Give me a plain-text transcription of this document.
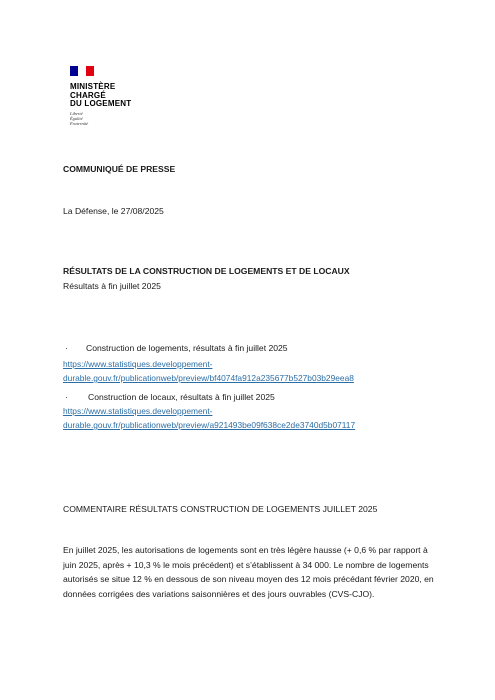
MINISTÈRE
CHARGÉ
DU LOGEMENT
Liberté
Égalité
Fraternité
COMMUNIQUÉ DE PRESSE
La Défense, le 27/08/2025
RÉSULTATS DE LA CONSTRUCTION DE LOGEMENTS ET DE LOCAUX
Résultats à fin juillet 2025
· Construction de logements, résultats à fin juillet 2025
https://www.statistiques.developpement-
durable.gouv.fr/publicationweb/preview/bf4074fa912a235677b527b03b29eea8
· Construction de locaux, résultats à fin juillet 2025
https://www.statistiques.developpement-
durable.gouv.fr/publicationweb/preview/a921493be09f638ce2de3740d5b07117
COMMENTAIRE RÉSULTATS CONSTRUCTION DE LOGEMENTS JUILLET 2025
En juillet 2025, les autorisations de logements sont en très légère hausse (+ 0,6 % par rapport à juin 2025, après + 10,3 % le mois précédent) et s’établissent à 34 000. Le nombre de logements autorisés se situe 12 % en dessous de son niveau moyen des 12 mois précédant février 2020, en données corrigées des variations saisonnières et des jours ouvrables (CVS-CJO).
